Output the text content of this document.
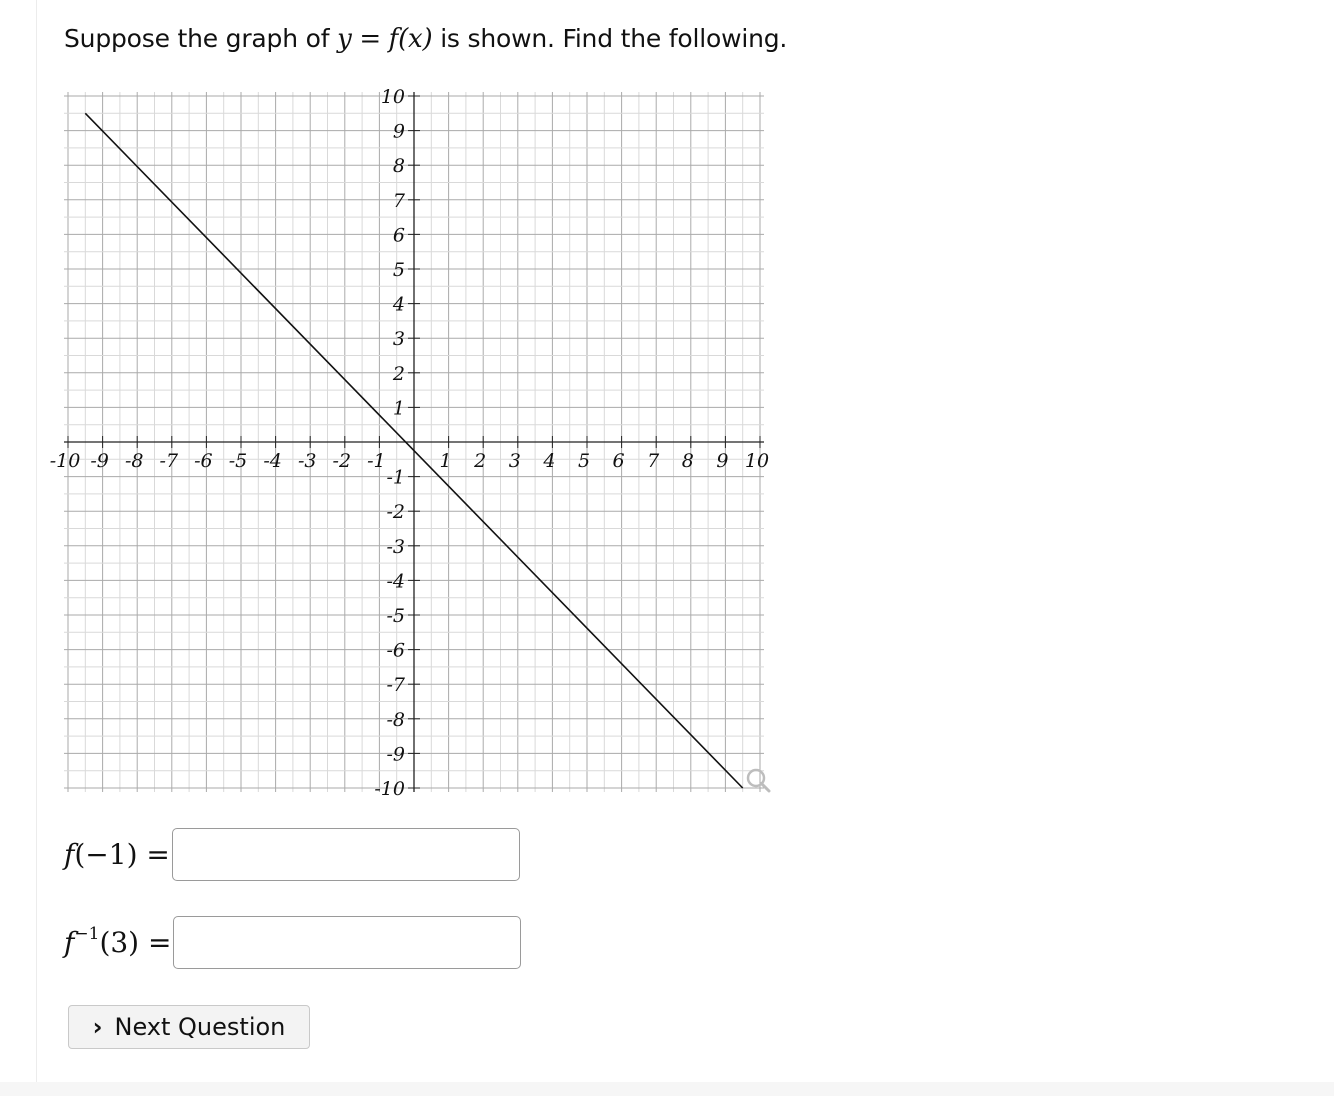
Suppose the graph of y = f(x) is shown. Find the following.
-10 -9 -8 -7 -6 -5 -4 -3 -2 -1	1 2 3 4 5 6 7 8 9 10
10
9
8
7
6
5
4
3
2
1
-1
-2
-3
-4
-5
-6
-7
-8
-9
-10
f(−1) =
$f^{-1}(3)$ =
› Next Question
